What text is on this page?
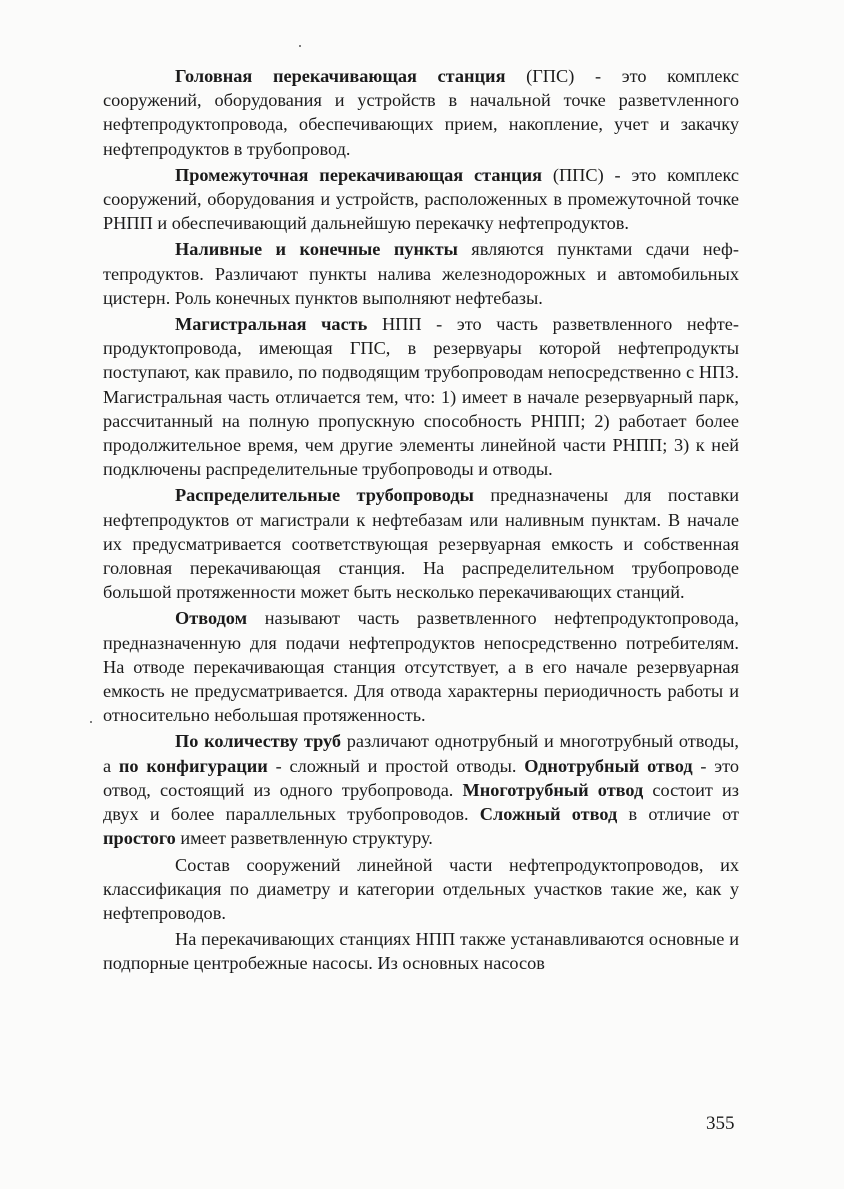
Головная перекачивающая станция (ГПС) - это комплекс сооружений, оборудования и устройств в начальной точке разветvленного нефтепродуктопровода, обеспечивающих прием, накопление, учет и закачку нефтепродуктов в трубопровод.

Промежуточная перекачивающая станция (ППС) - это комплекс сооружений, оборудования и устройств, расположенных в промежуточной точке РНПП и обеспечивающий дальнейшую перекачку нефтепродуктов.

Наливные и конечные пункты являются пунктами сдачи нефтепродуктов. Различают пункты налива железнодорожных и автомобильных цистерн. Роль конечных пунктов выполняют нефтебазы.

Магистральная часть НПП - это часть разветвленного нефтепродуктопровода, имеющая ГПС, в резервуары которой нефтепродукты поступают, как правило, по подводящим трубопроводам непосредственно с НПЗ. Магистральная часть отличается тем, что: 1) имеет в начале резервуарный парк, рассчитанный на полную пропускную способность РНПП; 2) работает более продолжительное время, чем другие элементы линейной части РНПП; 3) к ней подключены распределительные трубопроводы и отводы.

Распределительные трубопроводы предназначены для поставки нефтепродуктов от магистрали к нефтебазам или наливным пунктам. В начале их предусматривается соответствующая резервуарная емкость и собственная головная перекачивающая станция. На распределительном трубопроводе большой протяженности может быть несколько перекачивающих станций.

Отводом называют часть разветвленного нефтепродуктопровода, предназначенную для подачи нефтепродуктов непосредственно потребителям. На отводе перекачивающая станция отсутствует, а в его начале резервуарная емкость не предусматривается. Для отвода характерны периодичность работы и относительно небольшая протяженность.

По количеству труб различают однотрубный и многотрубный отводы, а по конфигурации - сложный и простой отводы. Однотрубный отвод - это отвод, состоящий из одного трубопровода. Многотрубный отвод состоит из двух и более параллельных трубопроводов. Сложный отвод в отличие от простого имеет разветвленную структуру.

Состав сооружений линейной части нефтепродуктопроводов, их классификация по диаметру и категории отдельных участков такие же, как у нефтепроводов.

На перекачивающих станциях НПП также устанавливаются основные и подпорные центробежные насосы. Из основных насосов

355
